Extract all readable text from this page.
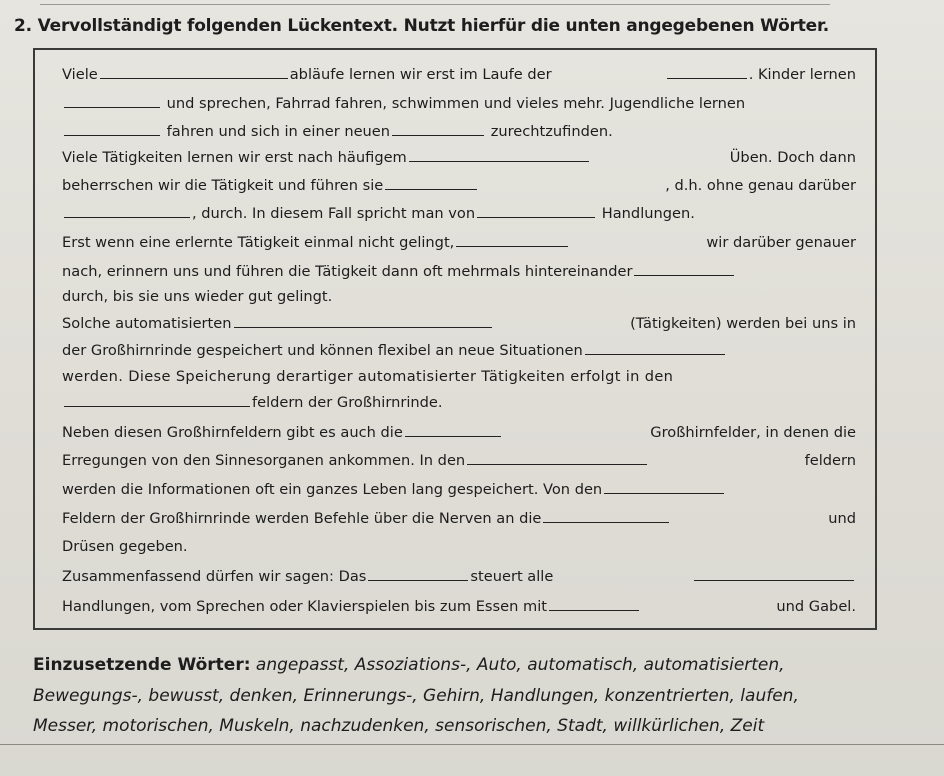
2. Vervollständigt folgenden Lückentext. Nutzt hierfür die unten angegebenen Wörter.
Viele	abläufe lernen wir erst im Laufe der	. Kinder lernen
und sprechen, Fahrrad fahren, schwimmen und vieles mehr. Jugendliche lernen
fahren und sich in einer neuen	zurechtzufinden.
Viele Tätigkeiten lernen wir erst nach häufigem	Üben. Doch dann
beherrschen wir die Tätigkeit und führen sie	, d.h. ohne genau darüber
, durch. In diesem Fall spricht man von	Handlungen.
Erst wenn eine erlernte Tätigkeit einmal nicht gelingt,	wir darüber genauer
nach, erinnern uns und führen die Tätigkeit dann oft mehrmals hintereinander
durch, bis sie uns wieder gut gelingt.
Solche automatisierten	(Tätigkeiten) werden bei uns in
der Großhirnrinde gespeichert und können flexibel an neue Situationen
werden. Diese Speicherung derartiger automatisierter Tätigkeiten erfolgt in den
feldern der Großhirnrinde.
Neben diesen Großhirnfeldern gibt es auch die	Großhirnfelder, in denen die
Erregungen von den Sinnesorganen ankommen. In den	feldern
werden die Informationen oft ein ganzes Leben lang gespeichert. Von den
Feldern der Großhirnrinde werden Befehle über die Nerven an die	und
Drüsen gegeben.
Zusammenfassend dürfen wir sagen: Das	steuert alle
Handlungen, vom Sprechen oder Klavierspielen bis zum Essen mit	und Gabel.
Einzusetzende Wörter: angepasst, Assoziations-, Auto, automatisch, automatisierten,
Bewegungs-, bewusst, denken, Erinnerungs-, Gehirn, Handlungen, konzentrierten, laufen,
Messer, motorischen, Muskeln, nachzudenken, sensorischen, Stadt, willkürlichen, Zeit
